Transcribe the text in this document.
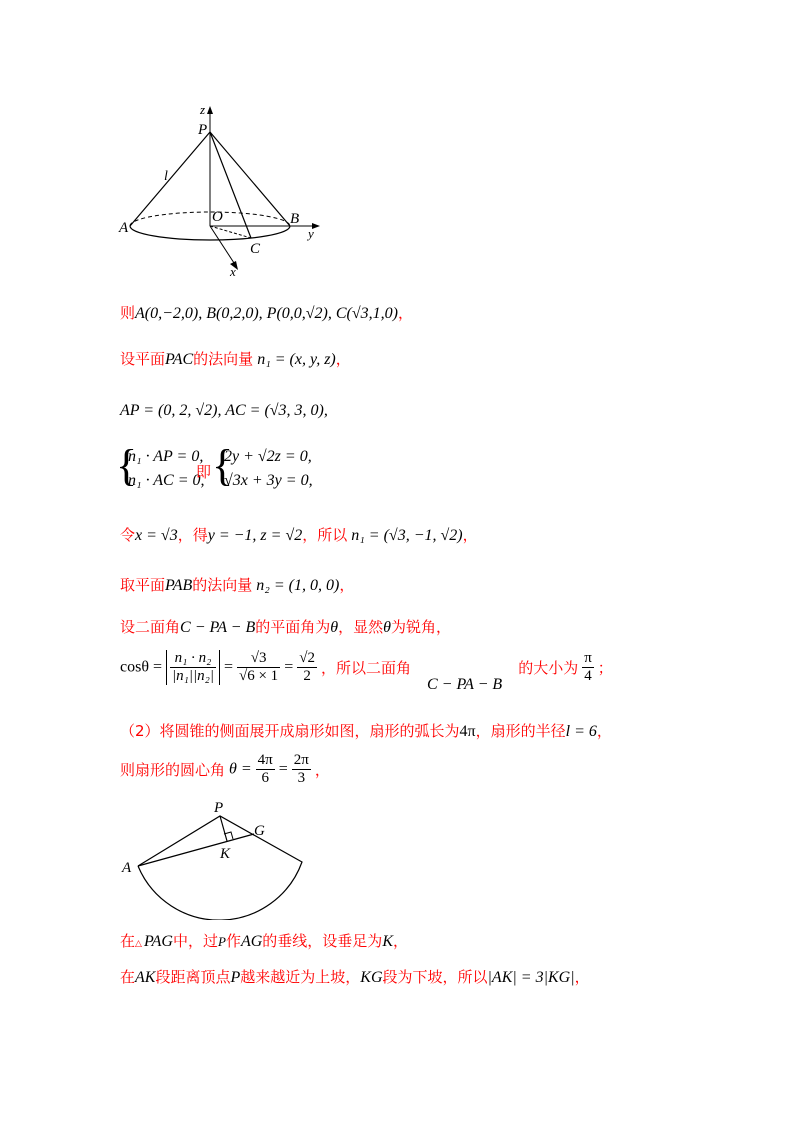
z
P
l
A
O	B
C
x
y
则A(0,−2,0), B(0,2,0), P(0,0,√2), C(√3,1,0)，
设平面PAC的法向量 n₁ = (x, y, z)，
AP = (0, 2, √2), AC = (√3, 3, 0),
{
n₁ · AP = 0,
n₁ · AC = 0,
即 {
2y + √2z = 0,
√3x + 3y = 0,
令x = √3，得y = −1, z = √2，所以 n₁ = (√3, −1, √2)，
取平面PAB的法向量 n₂ = (1, 0, 0)，
设二面角C − PA − B的平面角为θ，显然θ为锐角，
$\cos\theta = \frac{\text{n₁ · n₂}}{\text{|n₁||n₂|}} = \frac{√3}{√6 \times 1} = \frac{√2}{2}$ ，所以二面角 C − PA − B 的大小为 $\frac{\pi}{4}$ ；
（2）将圆锥的侧面展开成扇形如图，扇形的弧长为4π，扇形的半径l = 6，
则扇形的圆心角 $\theta = \frac{4\pi}{6} = \frac{2\pi}{3}$ ，
P
G
K
A
在△ PAG中，过P作AG的垂线，设垂足为K，
在AK段距离顶点P越来越近为上坡，KG段为下坡，所以|AK| = 3|KG|，
